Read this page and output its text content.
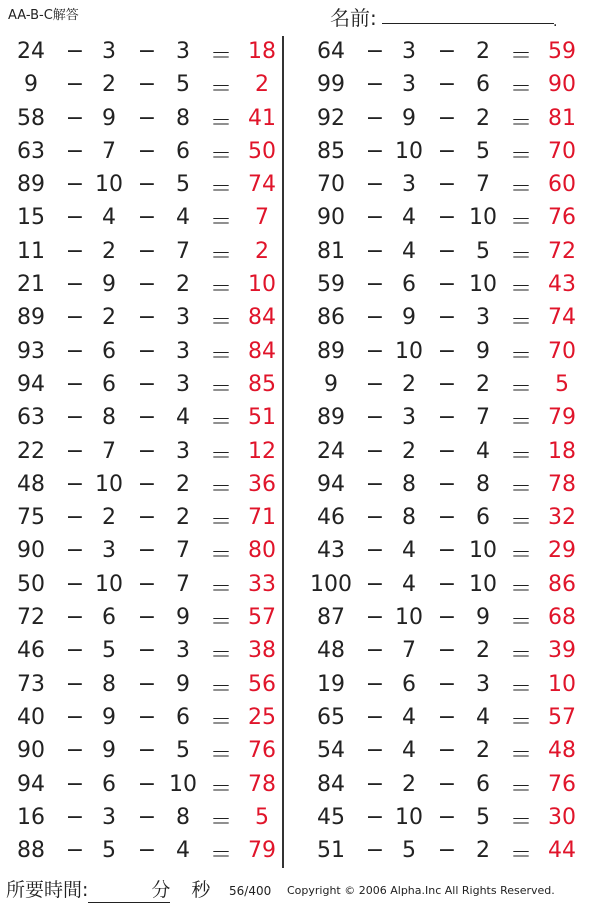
AA-B-C解答	名前:	.
24 − 3 − 3 ＝ 18
9	− 2 − 5 ＝	2
58 − 9 − 8 ＝ 41
63 − 7 − 6 ＝ 50
89 − 10 − 5 ＝ 74
15 − 4 − 4 ＝	7
11 − 2 − 7 ＝	2
21 − 9 − 2 ＝ 10
89 − 2 − 3 ＝ 84
93 − 6 − 3 ＝ 84
94 − 6 − 3 ＝ 85
63 − 8 − 4 ＝ 51
22 − 7 − 3 ＝ 12
48 − 10 − 2 ＝ 36
75 − 2 − 2 ＝ 71
90 − 3 − 7 ＝ 80
50 − 10 − 7 ＝ 33
72 − 6 − 9 ＝ 57
46 − 5 − 3 ＝ 38
73 − 8 − 9 ＝ 56
40 − 9 − 6 ＝ 25
90 − 9 − 5 ＝ 76
94 − 6 − 10 ＝ 78
16 − 3 − 8 ＝	5
88 − 5 − 4 ＝ 79
64 − 3 − 2 ＝ 59
99 − 3 − 6 ＝ 90
92 − 9 − 2 ＝ 81
85 − 10 − 5 ＝ 70
70 − 3 − 7 ＝ 60
90 − 4 − 10 ＝ 76
81 − 4 − 5 ＝ 72
59 − 6 − 10 ＝ 43
86 − 9 − 3 ＝ 74
89 − 10 − 9 ＝ 70
9	− 2 − 2 ＝	5
89 − 3 − 7 ＝ 79
24 − 2 − 4 ＝ 18
94 − 8 − 8 ＝ 78
46 − 8 − 6 ＝ 32
43 − 4 − 10 ＝ 29
100 − 4 − 10 ＝ 86
87 − 10 − 9 ＝ 68
48 − 7 − 2 ＝ 39
19 − 6 − 3 ＝ 10
65 − 4 − 4 ＝ 57
54 − 4 − 2 ＝ 48
84 − 2 − 6 ＝ 76
45 − 10 − 5 ＝ 30
51 − 5 − 2 ＝ 44
所要時間:	分 秒 56/400 Copyright © 2006 Alpha.Inc All Rights Reserved.
